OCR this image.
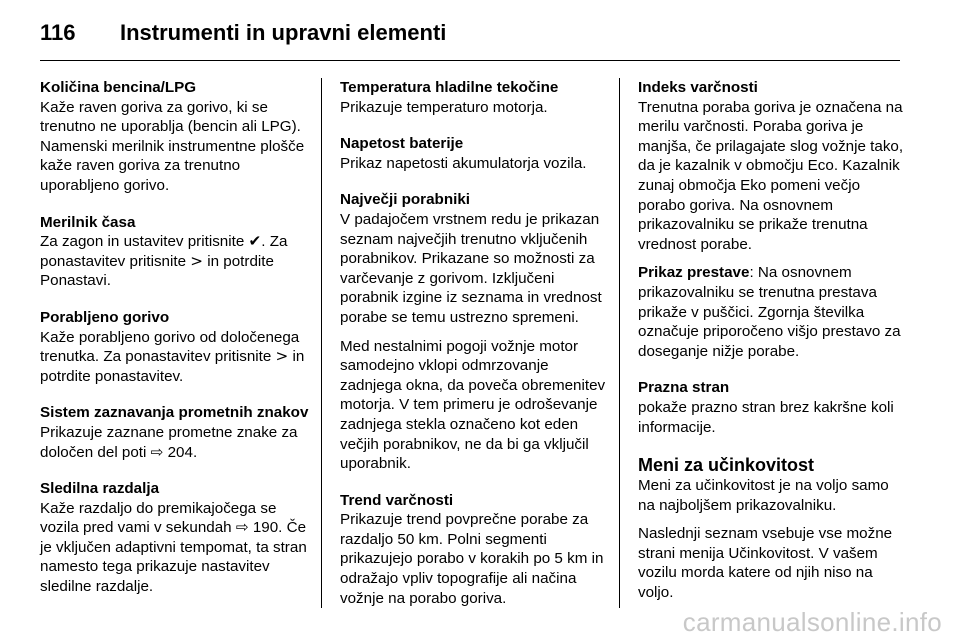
116 Instrumenti in upravni elementi
Količina bencina/LPG

Kaže raven goriva za gorivo, ki se trenutno ne uporablja (bencin ali LPG). Namenski merilnik instrumentne plošče kaže raven goriva za trenutno uporabljeno gorivo.

Merilnik časa

Za zagon in ustavitev pritisnite ✔. Za ponastavitev pritisnite > in potrdite Ponastavi.

Porabljeno gorivo

Kaže porabljeno gorivo od določenega trenutka. Za ponastavitev pritisnite > in potrdite ponastavitev.

Sistem zaznavanja prometnih znakov

Prikazuje zaznane prometne znake za določen del poti ⇨ 204.

Sledilna razdalja

Kaže razdaljo do premikajočega se vozila pred vami v sekundah ⇨ 190. Če je vključen adaptivni tempomat, ta stran namesto tega prikazuje nastavitev sledilne razdalje.

Temperatura hladilne tekočine

Prikazuje temperaturo motorja.

Napetost baterije

Prikaz napetosti akumulatorja vozila.

Največji porabniki

V padajočem vrstnem redu je prikazan seznam največjih trenutno vključenih porabnikov. Prikazane so možnosti za varčevanje z gorivom. Izključeni porabnik izgine iz seznama in vrednost porabe se temu ustrezno spremeni.

Med nestalnimi pogoji vožnje motor samodejno vklopi odmrzovanje zadnjega okna, da poveča obremenitev motorja. V tem primeru je odroševanje zadnjega stekla označeno kot eden večjih porabnikov, ne da bi ga vključil uporabnik.

Trend varčnosti

Prikazuje trend povprečne porabe za razdaljo 50 km. Polni segmenti prikazujejo porabo v korakih po 5 km in odražajo vpliv topografije ali načina vožnje na porabo goriva.

Indeks varčnosti

Trenutna poraba goriva je označena na merilu varčnosti. Poraba goriva je manjša, če prilagajate slog vožnje tako, da je kazalnik v območju Eco. Kazalnik zunaj območja Eko pomeni večjo porabo goriva. Na osnovnem prikazovalniku se prikaže trenutna vrednost porabe.

Prikaz prestave: Na osnovnem prikazovalniku se trenutna prestava prikaže v puščici. Zgornja številka označuje priporočeno višjo prestavo za doseganje nižje porabe.

Prazna stran

pokaže prazno stran brez kakršne koli informacije.

Meni za učinkovitost

Meni za učinkovitost je na voljo samo na najboljšem prikazovalniku.

Naslednji seznam vsebuje vse možne strani menija Učinkovitost. V vašem vozilu morda katere od njih niso na voljo.

carmanualsonline.info
